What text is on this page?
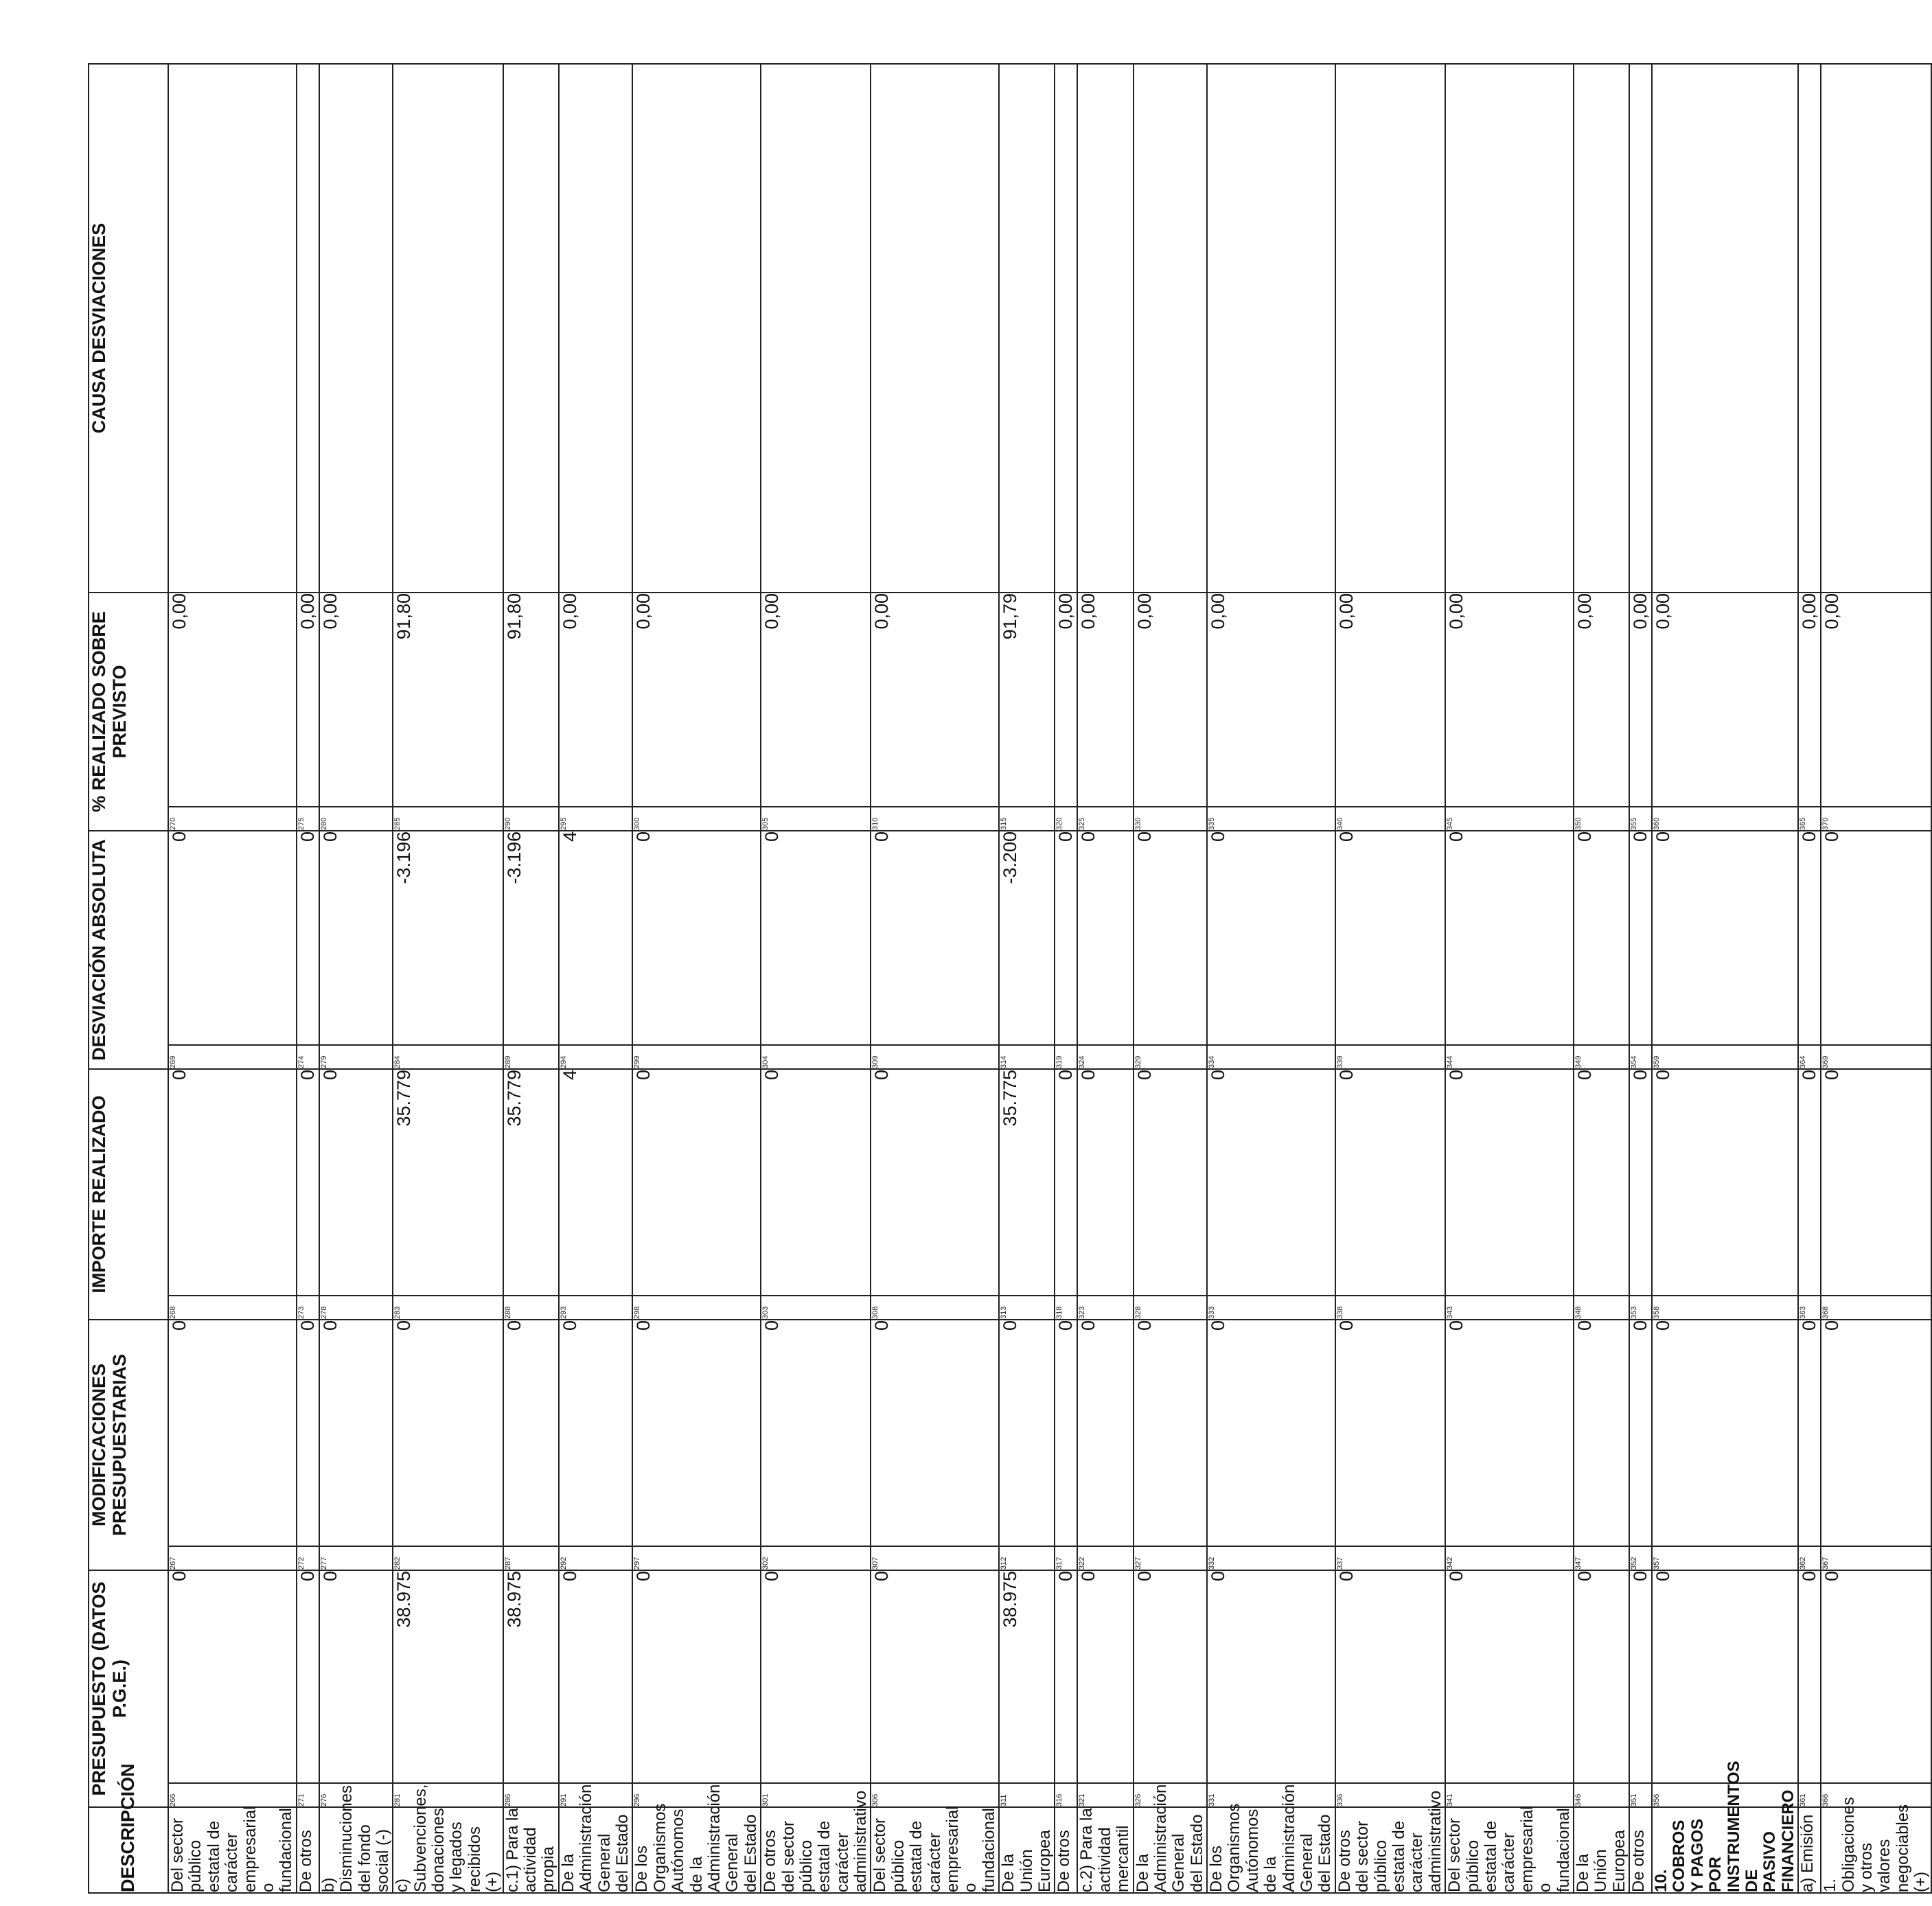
DESCRIPCIÓN	PRESUPUESTO (DATOS P.G.E.)		MODIFICACIONES PRESUPUESTARIAS		IMPORTE REALIZADO		DESVIACIÓN ABSOLUTA		% REALIZADO SOBRE PREVISTO		CAUSA DESVIACIONES
Del sector público estatal de carácter empresarial o fundacional	266	0	267	0	268	0	269	0	270	0,00	
De otros	271	0	272	0	273	0	274	0	275	0,00	
b) Disminuciones del fondo social (-)	276	0	277	0	278	0	279	0	280	0,00	
c) Subvenciones, donaciones y legados recibidos (+)	281	38.975	282	0	283	35.779	284	-3.196	285	91,80	
c.1) Para la actividad propia	286	38.975	287	0	288	35.779	289	-3.196	290	91,80	
De la Administración General del Estado	291	0	292	0	293	4	294	4	295	0,00	
De los Organismos Autónomos de la Administración General del Estado	296	0	297	0	298	0	299	0	300	0,00	
De otros del sector público estatal de carácter administrativo	301	0	302	0	303	0	304	0	305	0,00	
Del sector público estatal de carácter empresarial o fundacional	306	0	307	0	308	0	309	0	310	0,00	
De la Unión Europea	311	38.975	312	0	313	35.775	314	-3.200	315	91,79	
De otros	316	0	317	0	318	0	319	0	320	0,00	
c.2) Para la actividad mercantil	321	0	322	0	323	0	324	0	325	0,00	
De la Administración General del Estado	326	0	327	0	328	0	329	0	330	0,00	
De los Organismos Autónomos de la Administración General del Estado	331	0	332	0	333	0	334	0	335	0,00	
De otros del sector público estatal de carácter administrativo	336	0	337	0	338	0	339	0	340	0,00	
Del sector público estatal de carácter empresarial o fundacional	341	0	342	0	343	0	344	0	345	0,00	
De la Unión Europea	346	0	347	0	348	0	349	0	350	0,00	
De otros	351	0	352	0	353	0	354	0	355	0,00	
10. COBROS Y PAGOS POR INSTRUMENTOS DE PASIVO FINANCIERO	356	0	357	0	358	0	359	0	360	0,00	
a) Emisión	361	0	362	0	363	0	364	0	365	0,00	
1. Obligaciones y otros valores negociables (+)	366	0	367	0	368	0	369	0	370	0,00	
